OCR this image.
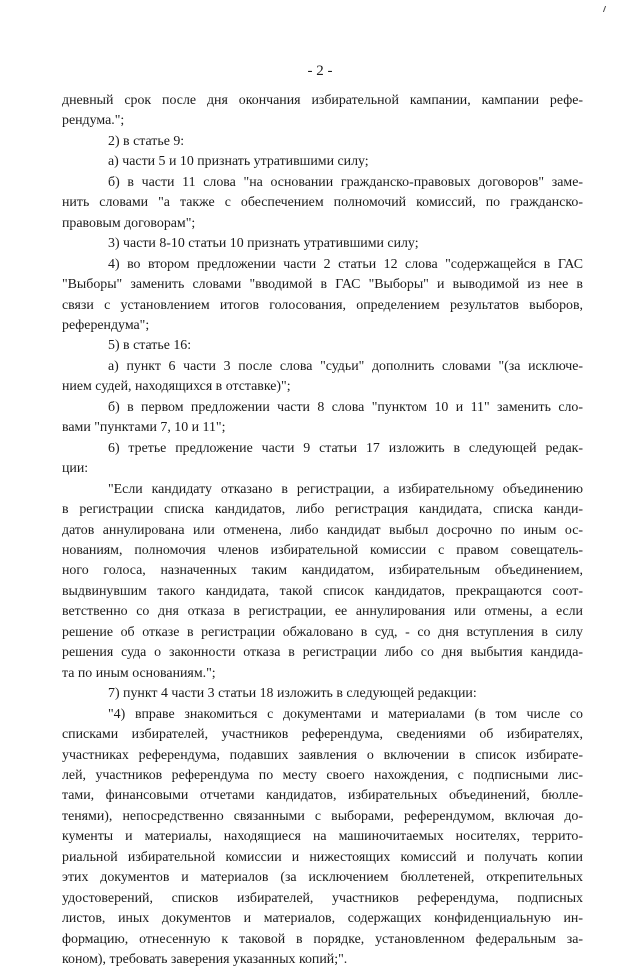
- 2 -

дневный срок после дня окончания избирательной кампании, кампании рефе-

рендума.";

2) в статье 9:

а) части 5 и 10 признать утратившими силу;

б) в части 11 слова "на основании гражданско-правовых договоров" заме-

нить словами "а также с обеспечением полномочий комиссий, по гражданско-

правовым договорам";

3) части 8-10 статьи 10 признать утратившими силу;

4) во втором предложении части 2 статьи 12 слова "содержащейся в ГАС

"Выборы" заменить словами "вводимой в ГАС "Выборы" и выводимой из нее в

связи с установлением итогов голосования, определением результатов выборов,

референдума";

5) в статье 16:

а) пункт 6 части 3 после слова "судьи" дополнить словами "(за исключе-

нием судей, находящихся в отставке)";

б) в первом предложении части 8 слова "пунктом 10 и 11" заменить сло-

вами "пунктами 7, 10 и 11";

6) третье предложение части 9 статьи 17 изложить в следующей редак-

ции:

"Если кандидату отказано в регистрации, а избирательному объединению

в регистрации списка кандидатов, либо регистрация кандидата, списка канди-

датов аннулирована или отменена, либо кандидат выбыл досрочно по иным ос-

нованиям, полномочия членов избирательной комиссии с правом совещатель-

ного голоса, назначенных таким кандидатом, избирательным объединением,

выдвинувшим такого кандидата, такой список кандидатов, прекращаются соот-

ветственно со дня отказа в регистрации, ее аннулирования или отмены, а если

решение об отказе в регистрации обжаловано в суд, - со дня вступления в силу

решения суда о законности отказа в регистрации либо со дня выбытия кандида-

та по иным основаниям.";

7) пункт 4 части 3 статьи 18 изложить в следующей редакции:

"4) вправе знакомиться с документами и материалами (в том числе со

списками избирателей, участников референдума, сведениями об избирателях,

участниках референдума, подавших заявления о включении в список избирате-

лей, участников референдума по месту своего нахождения, с подписными лис-

тами, финансовыми отчетами кандидатов, избирательных объединений, бюлле-

тенями), непосредственно связанными с выборами, референдумом, включая до-

кументы и материалы, находящиеся на машиночитаемых носителях, террито-

риальной избирательной комиссии и нижестоящих комиссий и получать копии

этих документов и материалов (за исключением бюллетеней, открепительных

удостоверений, списков избирателей, участников референдума, подписных

листов, иных документов и материалов, содержащих конфиденциальную ин-

формацию, отнесенную к таковой в порядке, установленном федеральным за-

коном), требовать заверения указанных копий;".
